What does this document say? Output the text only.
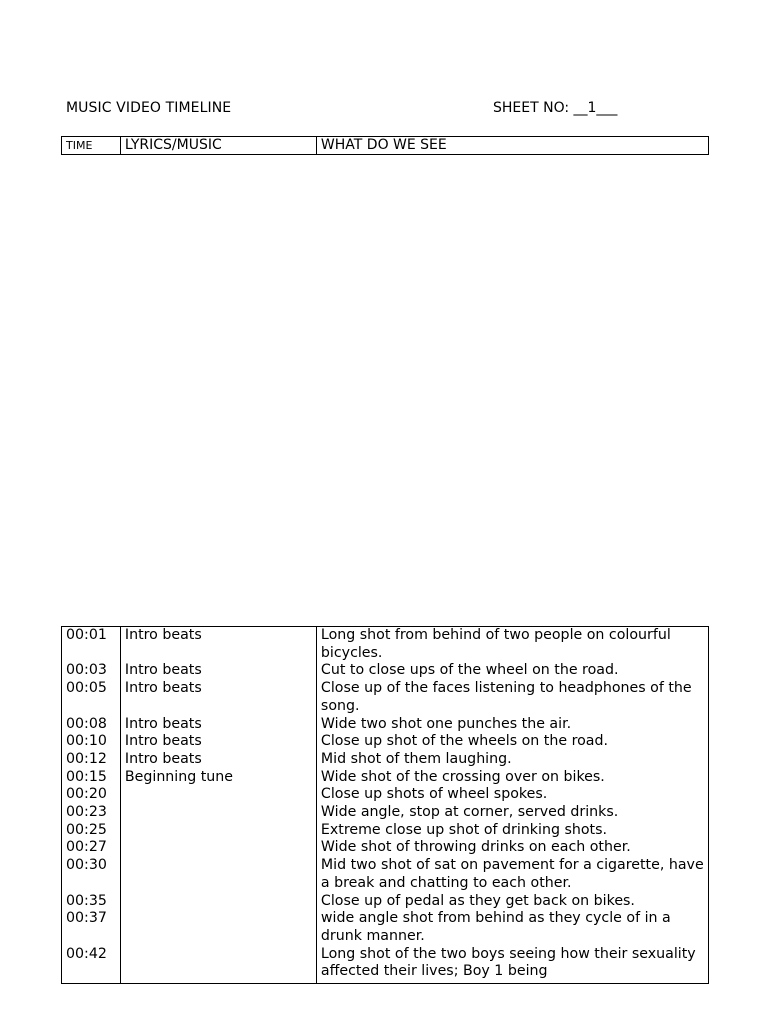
MUSIC VIDEO TIMELINE	SHEET NO: __1___
TIME	LYRICS/MUSIC	WHAT DO WE SEE
00:01	Intro beats	Long shot from behind of two people on colourful bicycles.
00:03	Intro beats	Cut to close ups of the wheel on the road.
00:05	Intro beats	Close up of the faces listening to headphones of the song.
00:08	Intro beats	Wide two shot one punches the air.
00:10	Intro beats	Close up shot of the wheels on the road.
00:12	Intro beats	Mid shot of them laughing.
00:15	Beginning tune	Wide shot of the crossing over on bikes.
00:20		Close up shots of wheel spokes.
00:23		Wide angle, stop at corner, served drinks.
00:25		Extreme close up shot of drinking shots.
00:27		Wide shot of throwing drinks on each other.
00:30		Mid two shot of sat on pavement for a cigarette, have a break and chatting to each other.
00:35		Close up of pedal as they get back on bikes.
00:37		wide angle shot from behind as they cycle of in a drunk manner.
00:42		Long shot of the two boys seeing how their sexuality affected their lives; Boy 1 being
